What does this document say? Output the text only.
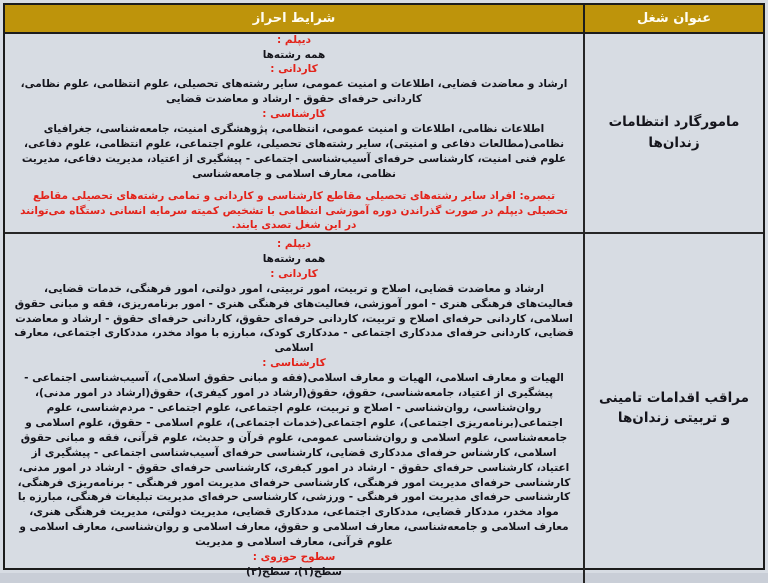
عنوان شغل
شرایط احراز
مامورگارد انتظامات زندان‌ها
دیپلم :
همه رشته‌ها
کاردانی :
ارشاد و معاضدت قضایی، اطلاعات و امنیت عمومی، سایر رشته‌های تحصیلی، علوم انتظامی، علوم نظامی، کاردانی حرفه‌ای حقوق - ارشاد و معاضدت قضایی
کارشناسی :
اطلاعات نظامی، اطلاعات و امنیت عمومی، انتظامی، پژوهشگری امنیت، جامعه‌شناسی، جغرافیای نظامی(مطالعات دفاعی و امنیتی)، سایر رشته‌های تحصیلی، علوم اجتماعی، علوم انتظامی، علوم دفاعی، علوم فنی امنیت، کارشناسی حرفه‌ای آسیب‌شناسی اجتماعی - پیشگیری از اعتیاد، مدیریت دفاعی، مدیریت نظامی، معارف اسلامی و جامعه‌شناسی
تبصره: افراد سایر رشته‌های تحصیلی مقاطع کارشناسی و کاردانی و تمامی رشته‌های تحصیلی مقاطع تحصیلی دیپلم در صورت گذراندن دوره آموزشی انتظامی با تشخیص کمیته سرمایه انسانی دستگاه می‌توانند در این شغل تصدی یابند.
مراقب اقدامات تامینی و تربیتی زندان‌ها
دیپلم :
همه رشته‌ها
کاردانی :
ارشاد و معاضدت قضایی، اصلاح و تربیت، امور تربیتی، امور دولتی، امور فرهنگی، خدمات قضایی، فعالیت‌های فرهنگی هنری - امور آموزشی، فعالیت‌های فرهنگی هنری - امور برنامه‌ریزی، فقه و مبانی حقوق اسلامی، کاردانی حرفه‌ای اصلاح و تربیت، کاردانی حرفه‌ای حقوق، کاردانی حرفه‌ای حقوق - ارشاد و معاضدت قضایی، کاردانی حرفه‌ای مددکاری اجتماعی - مددکاری کودک، مبارزه با مواد مخدر، مددکاری اجتماعی، معارف اسلامی
کارشناسی :
الهیات و معارف اسلامی، الهیات و معارف اسلامی(فقه و مبانی حقوق اسلامی)، آسیب‌شناسی اجتماعی - پیشگیری از اعتیاد، جامعه‌شناسی، حقوق، حقوق(ارشاد در امور کیفری)، حقوق(ارشاد در امور مدنی)، روان‌شناسی، روان‌شناسی - اصلاح و تربیت، علوم اجتماعی، علوم اجتماعی - مردم‌شناسی، علوم اجتماعی(برنامه‌ریزی اجتماعی)، علوم اجتماعی(خدمات اجتماعی)، علوم اسلامی - حقوق، علوم اسلامی و جامعه‌شناسی، علوم اسلامی و روان‌شناسی عمومی، علوم قرآن و حدیث، علوم قرآنی، فقه و مبانی حقوق اسلامی، کارشناس حرفه‌ای مددکاری قضایی، کارشناسی حرفه‌ای آسیب‌شناسی اجتماعی - پیشگیری از اعتیاد، کارشناسی حرفه‌ای حقوق - ارشاد در امور کیفری، کارشناسی حرفه‌ای حقوق - ارشاد در امور مدنی، کارشناسی حرفه‌ای مدیریت امور فرهنگی، کارشناسی حرفه‌ای مدیریت امور فرهنگی - برنامه‌ریزی فرهنگی، کارشناسی حرفه‌ای مدیریت امور فرهنگی - ورزشی، کارشناسی حرفه‌ای مدیریت تبلیغات فرهنگی، مبارزه با مواد مخدر، مددکار قضایی، مددکاری اجتماعی، مددکاری قضایی، مدیریت دولتی، مدیریت فرهنگی هنری، معارف اسلامی و جامعه‌شناسی، معارف اسلامی و حقوق، معارف اسلامی و روان‌شناسی، معارف اسلامی و علوم قرآنی، معارف اسلامی و مدیریت
سطوح حوزوی :
سطح(۱)، سطح(۲)
